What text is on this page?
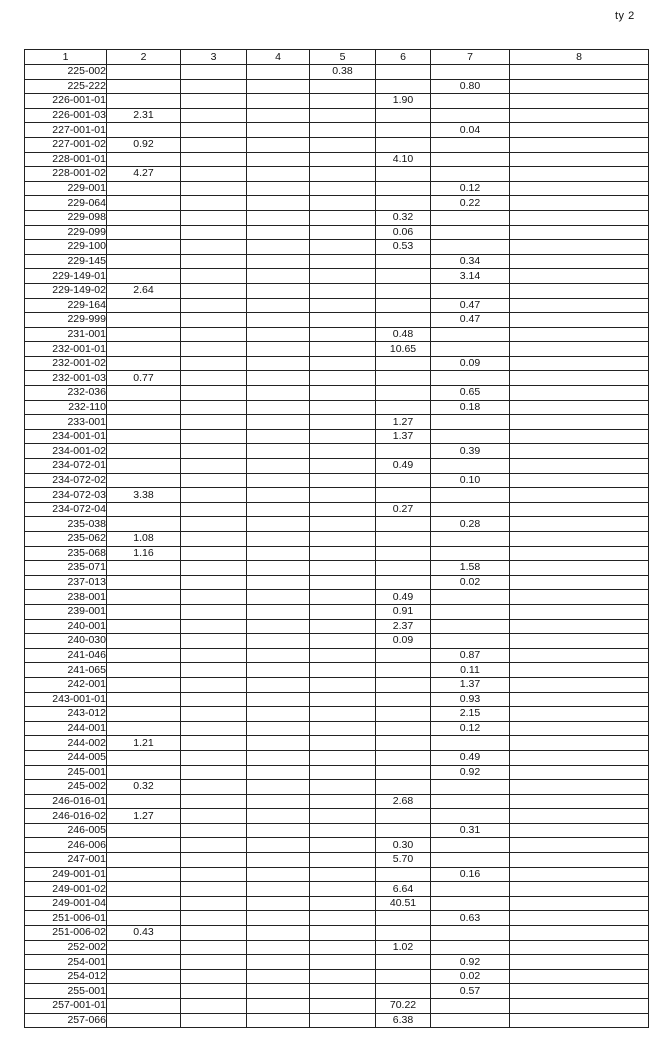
ty 2
1	2	3	4	5	6	7	8
225-002				0.38			
225-222						0.80	
226-001-01					1.90		
226-001-03	2.31						
227-001-01						0.04	
227-001-02	0.92						
228-001-01					4.10		
228-001-02	4.27						
229-001						0.12	
229-064						0.22	
229-098					0.32		
229-099					0.06		
229-100					0.53		
229-145						0.34	
229-149-01						3.14	
229-149-02	2.64						
229-164						0.47	
229-999						0.47	
231-001					0.48		
232-001-01					10.65		
232-001-02						0.09	
232-001-03	0.77						
232-036						0.65	
232-110						0.18	
233-001					1.27		
234-001-01					1.37		
234-001-02						0.39	
234-072-01					0.49		
234-072-02						0.10	
234-072-03	3.38						
234-072-04					0.27		
235-038						0.28	
235-062	1.08						
235-068	1.16						
235-071						1.58	
237-013						0.02	
238-001					0.49		
239-001					0.91		
240-001					2.37		
240-030					0.09		
241-046						0.87	
241-065						0.11	
242-001						1.37	
243-001-01						0.93	
243-012						2.15	
244-001						0.12	
244-002	1.21						
244-005						0.49	
245-001						0.92	
245-002	0.32						
246-016-01					2.68		
246-016-02	1.27						
246-005						0.31	
246-006					0.30		
247-001					5.70		
249-001-01						0.16	
249-001-02					6.64		
249-001-04					40.51		
251-006-01						0.63	
251-006-02	0.43						
252-002					1.02		
254-001						0.92	
254-012						0.02	
255-001						0.57	
257-001-01					70.22		
257-066					6.38		
